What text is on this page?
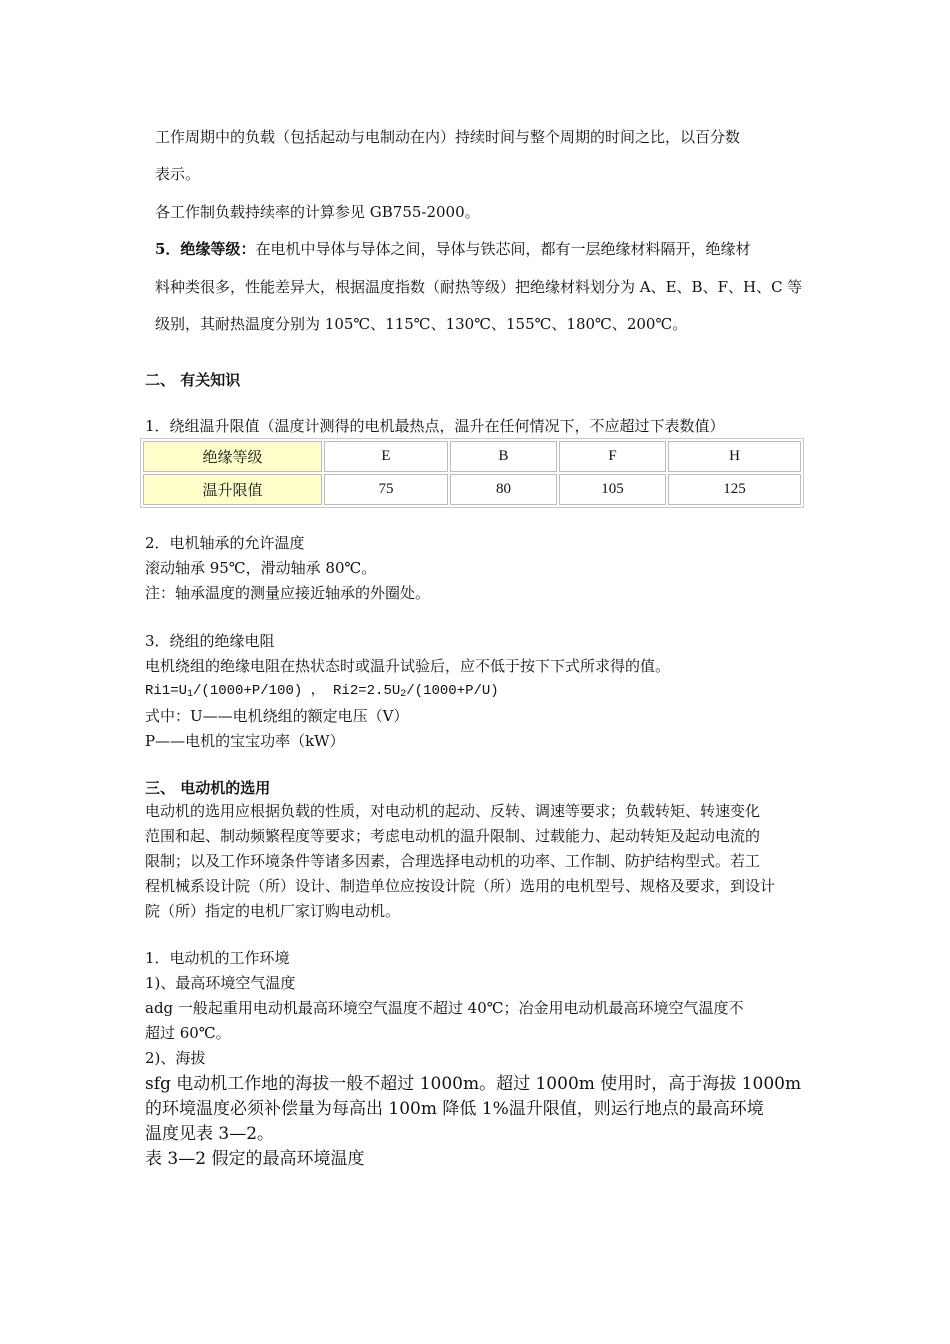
工作周期中的负载（包括起动与电制动在内）持续时间与整个周期的时间之比，以百分数
表示。
各工作制负载持续率的计算参见 GB755-2000。
5．绝缘等级：在电机中导体与导体之间，导体与铁芯间，都有一层绝缘材料隔开，绝缘材
料种类很多，性能差异大，根据温度指数（耐热等级）把绝缘材料划分为 A、E、B、F、H、C 等
级别，其耐热温度分别为 105℃、115℃、130℃、155℃、180℃、200℃。
二、 有关知识
1．绕组温升限值（温度计测得的电机最热点，温升在任何情况下，不应超过下表数值）
绝缘等级	E	B	F	H
温升限值	75	80	105	125
2．电机轴承的允许温度
滚动轴承 95℃，滑动轴承 80℃。
注：轴承温度的测量应接近轴承的外圈处。
3．绕组的绝缘电阻
电机绕组的绝缘电阻在热状态时或温升试验后，应不低于按下下式所求得的值。
$Ri1=U_1/(1000+P/100)$ ， $Ri2=2.5U_2/(1000+P/U)$
式中：U——电机绕组的额定电压（V）
P——电机的宝宝功率（kW）
三、 电动机的选用
电动机的选用应根据负载的性质，对电动机的起动、反转、调速等要求；负载转矩、转速变化
范围和起、制动频繁程度等要求；考虑电动机的温升限制、过载能力、起动转矩及起动电流的
限制；以及工作环境条件等诸多因素，合理选择电动机的功率、工作制、防护结构型式。若工
程机械系设计院（所）设计、制造单位应按设计院（所）选用的电机型号、规格及要求，到设计
院（所）指定的电机厂家订购电动机。
1．电动机的工作环境
1)、最高环境空气温度
adg 一般起重用电动机最高环境空气温度不超过 40℃；冶金用电动机最高环境空气温度不
超过 60℃。
2)、海拔
sfg 电动机工作地的海拔一般不超过 1000m。超过 1000m 使用时，高于海拔 1000m
的环境温度必须补偿量为每高出 100m 降低 1%温升限值，则运行地点的最高环境
温度见表 3—2。
表 3—2 假定的最高环境温度
